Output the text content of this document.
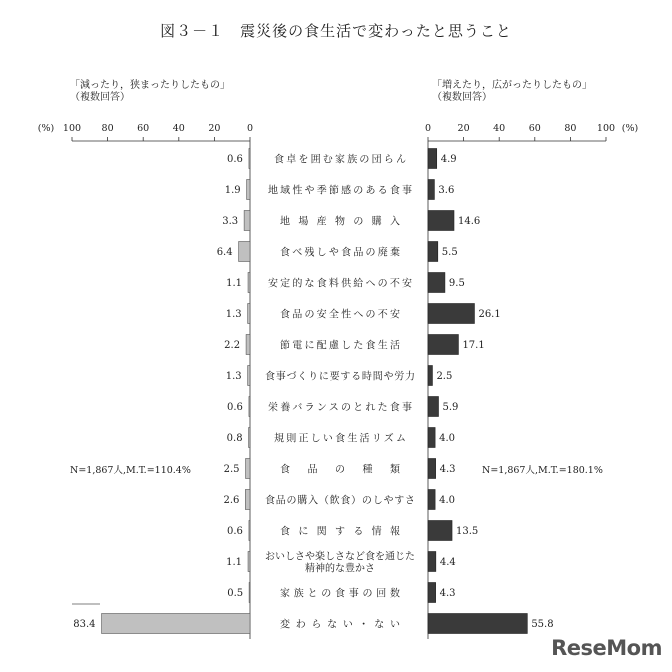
図３－１　震災後の食生活で変わったと思うこと
「減ったり，狭まったりしたもの」
（複数回答）
「増えたり，広がったりしたもの」
（複数回答）
N=1,867人,M.T.=110.4%	N=1,867人,M.T.=180.1%
100 80 60 40 20	0	0	20 40 60 80 100
(%)	(%)
0.6	4.9
食卓を囲む家族の団らん
1.9	3.6
地域性や季節感のある食事
3.3	14.6
地場産物の購入
6.4	5.5
食べ残しや食品の廃棄
1.1	9.5
安定的な食料供給への不安
1.3	26.1
食品の安全性への不安
2.2	17.1
節電に配慮した食生活
1.3	2.5
食事づくりに要する時間や労力
0.6	5.9
栄養バランスのとれた食事
0.8	4.0
規則正しい食生活リズム
2.5	4.3
食品の種類
2.6	4.0
食品の購入（飲食）のしやすさ
0.6	13.5
食に関する情報
1.1	4.4
おいしさや楽しさなど食を通じた精神的な豊かさ
0.5	4.3
家族との食事の回数
83.4	55.8
変わらない・ない
ReseMom
